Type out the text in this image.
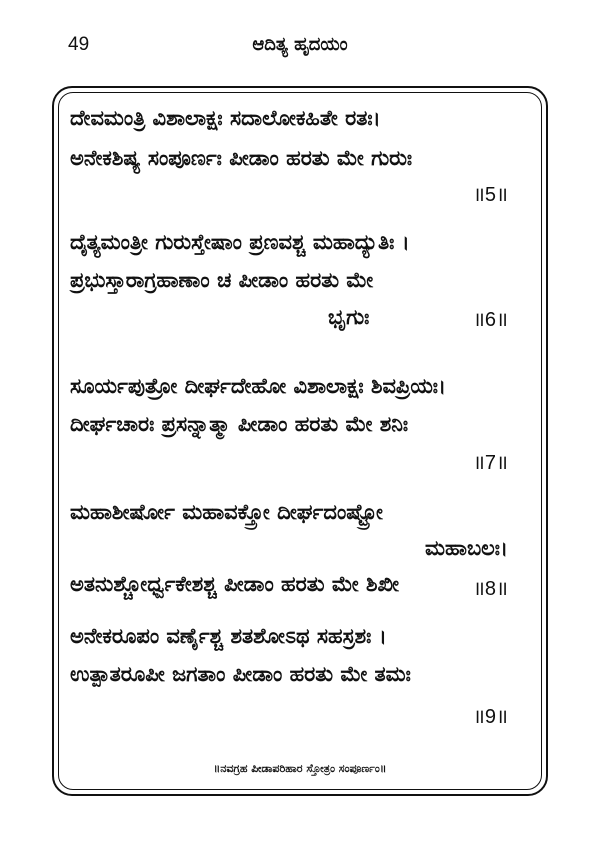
49	ಆದಿತ್ಯ ಹೃದಯಂ
ದೇವಮಂತ್ರಿ ವಿಶಾಲಾಕ್ಷಃ ಸದಾಲೋಕಹಿತೇ ರತಃ।
ಅನೇಕಶಿಷ್ಯ ಸಂಪೂರ್ಣಃ ಪೀಡಾಂ ಹರತು ಮೇ ಗುರುಃ
॥5॥
ದೈತ್ಯಮಂತ್ರೀ ಗುರುಸ್ತೇಷಾಂ ಪ್ರಣವಶ್ಚ ಮಹಾದ್ಯುತಿಃ ।
ಪ್ರಭುಸ್ತಾರಾಗ್ರಹಾಣಾಂ ಚ ಪೀಡಾಂ ಹರತು ಮೇ
ಭೃಗುಃ	॥6॥
ಸೂರ್ಯಪುತ್ರೋ ದೀರ್ಘದೇಹೋ ವಿಶಾಲಾಕ್ಷಃ ಶಿವಪ್ರಿಯಃ।
ದೀರ್ಘಚಾರಃ ಪ್ರಸನ್ನಾತ್ಮಾ ಪೀಡಾಂ ಹರತು ಮೇ ಶನಿಃ
॥7॥
ಮಹಾಶೀರ್ಷೋ ಮಹಾವಕ್ತ್ರೋ ದೀರ್ಘದಂಷ್ಟ್ರೋ
ಮಹಾಬಲಃ।
ಅತನುಶ್ಚೋರ್ಧ್ವಕೇಶಶ್ಚ ಪೀಡಾಂ ಹರತು ಮೇ ಶಿಖೀ	॥8॥
ಅನೇಕರೂಪಂ ವರ್ಣೈಶ್ಚ ಶತಶೋಽಥ ಸಹಸ್ರಶಃ ।
ಉತ್ಪಾತರೂಪೀ ಜಗತಾಂ ಪೀಡಾಂ ಹರತು ಮೇ ತಮಃ
॥9॥
॥ನವಗ್ರಹ ಪೀಡಾಪರಿಹಾರ ಸ್ತೋತ್ರಂ ಸಂಪೂರ್ಣಂ॥
